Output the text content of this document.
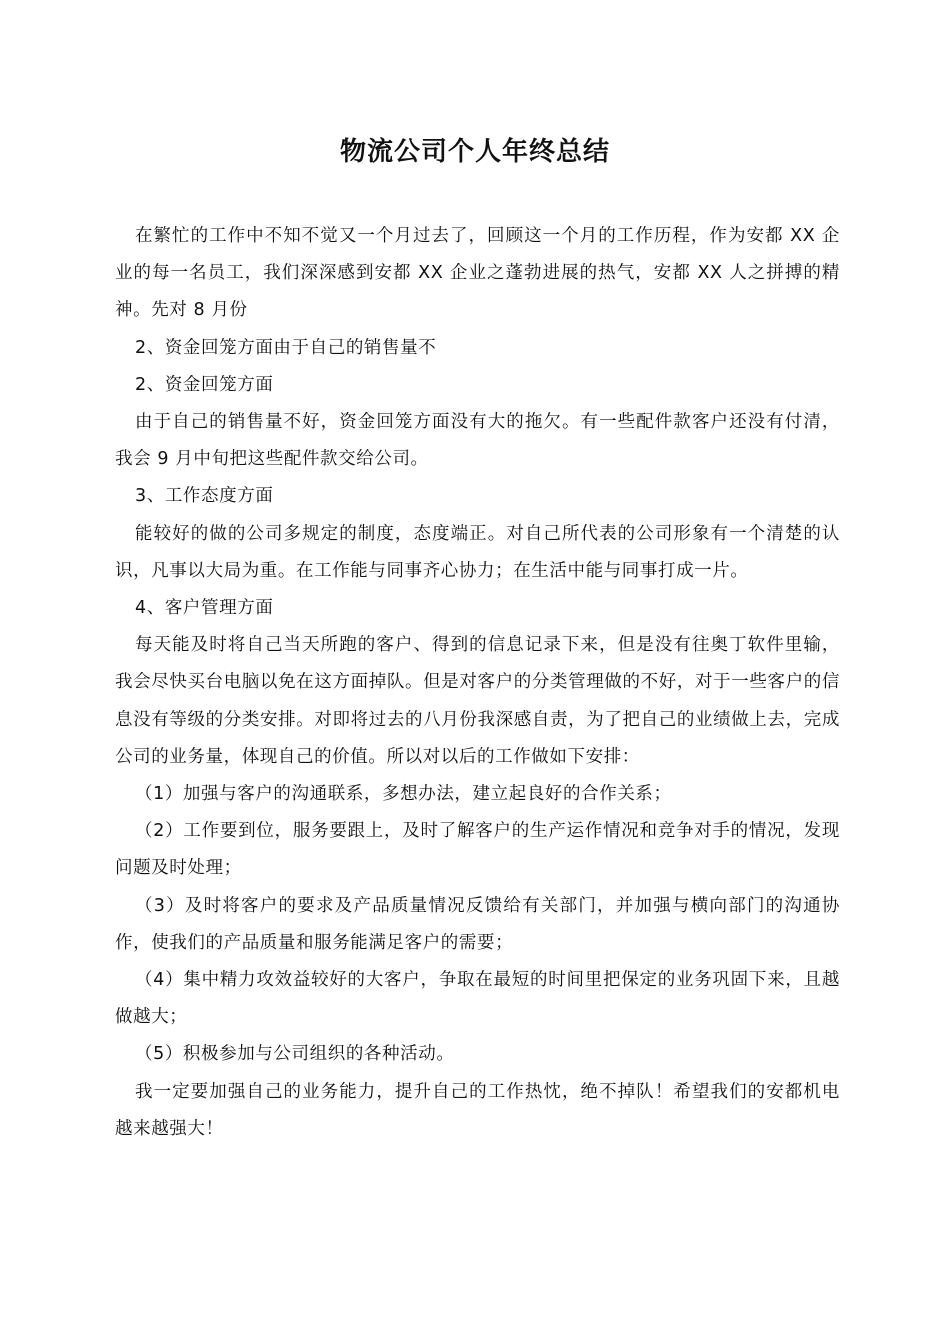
物流公司个人年终总结

在繁忙的工作中不知不觉又一个月过去了，回顾这一个月的工作历程，作为安都 XX 企业的每一名员工，我们深深感到安都 XX 企业之蓬勃进展的热气，安都 XX 人之拼搏的精神。先对 8 月份

2、资金回笼方面由于自己的销售量不

2、资金回笼方面

由于自己的销售量不好，资金回笼方面没有大的拖欠。有一些配件款客户还没有付清，我会 9 月中旬把这些配件款交给公司。

3、工作态度方面

能较好的做的公司多规定的制度，态度端正。对自己所代表的公司形象有一个清楚的认识，凡事以大局为重。在工作能与同事齐心协力；在生活中能与同事打成一片。

4、客户管理方面

每天能及时将自己当天所跑的客户、得到的信息记录下来，但是没有往奥丁软件里输，我会尽快买台电脑以免在这方面掉队。但是对客户的分类管理做的不好，对于一些客户的信息没有等级的分类安排。对即将过去的八月份我深感自责，为了把自己的业绩做上去，完成公司的业务量，体现自己的价值。所以对以后的工作做如下安排：

（1）加强与客户的沟通联系，多想办法，建立起良好的合作关系；

（2）工作要到位，服务要跟上，及时了解客户的生产运作情况和竞争对手的情况，发现问题及时处理；

（3）及时将客户的要求及产品质量情况反馈给有关部门，并加强与横向部门的沟通协作，使我们的产品质量和服务能满足客户的需要；

（4）集中精力攻效益较好的大客户，争取在最短的时间里把保定的业务巩固下来，且越做越大；

（5）积极参加与公司组织的各种活动。

我一定要加强自己的业务能力，提升自己的工作热忱，绝不掉队！希望我们的安都机电越来越强大！
